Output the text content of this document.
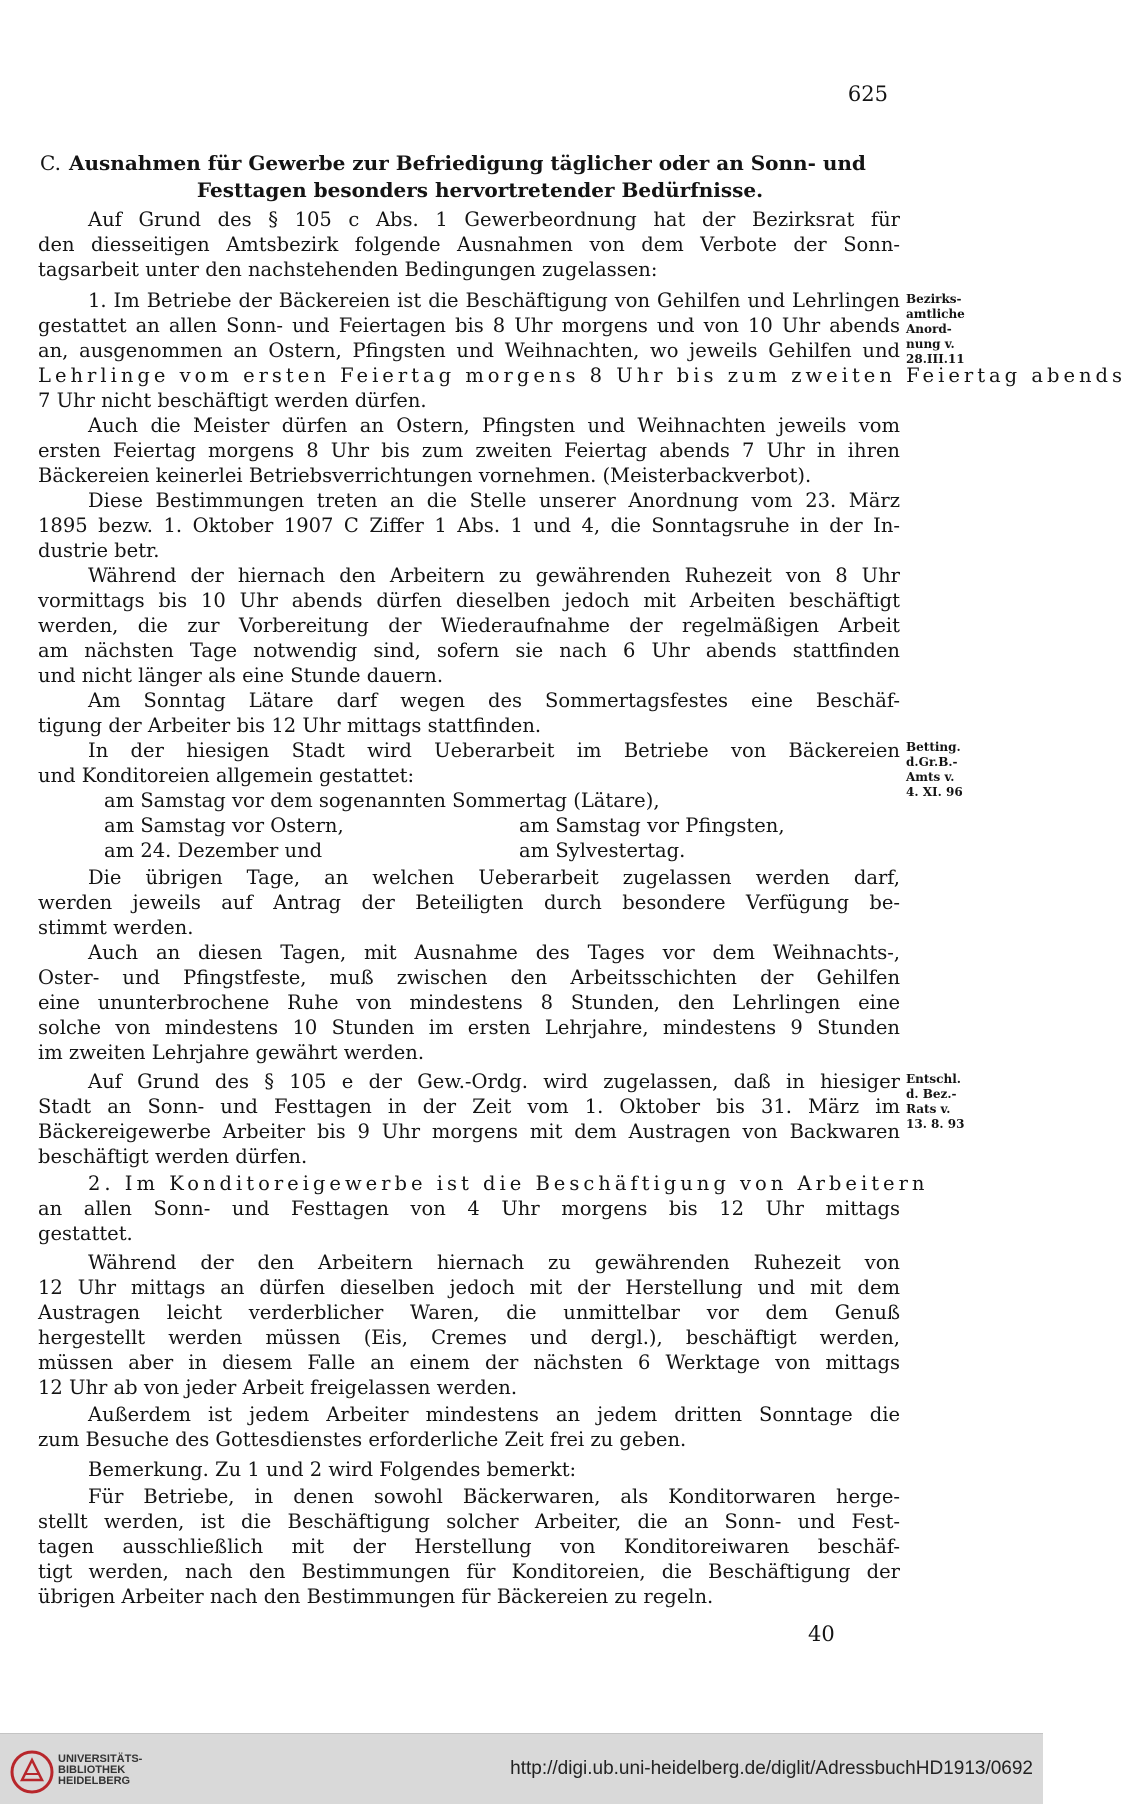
625
C. Ausnahmen für Gewerbe zur Befriedigung täglicher oder an Sonn- und
Festtagen besonders hervortretender Bedürfnisse.
Auf Grund des § 105 c Abs. 1 Gewerbeordnung hat der Bezirksrat für
den diesseitigen Amtsbezirk folgende Ausnahmen von dem Verbote der Sonn-
tagsarbeit unter den nachstehenden Bedingungen zugelassen:
1. Im Betriebe der Bäckereien ist die Beschäftigung von Gehilfen und Lehrlingen
gestattet an allen Sonn- und Feiertagen bis 8 Uhr morgens und von 10 Uhr abends
an, ausgenommen an Ostern, Pfingsten und Weihnachten, wo jeweils Gehilfen und
Lehrlinge vom ersten Feiertag morgens 8 Uhr bis zum zweiten Feiertag abends
7 Uhr nicht beschäftigt werden dürfen.
Auch die Meister dürfen an Ostern, Pfingsten und Weihnachten jeweils vom
ersten Feiertag morgens 8 Uhr bis zum zweiten Feiertag abends 7 Uhr in ihren
Bäckereien keinerlei Betriebsverrichtungen vornehmen. (Meisterbackverbot).
Diese Bestimmungen treten an die Stelle unserer Anordnung vom 23. März
1895 bezw. 1. Oktober 1907 C Ziffer 1 Abs. 1 und 4, die Sonntagsruhe in der In-
dustrie betr.
Während der hiernach den Arbeitern zu gewährenden Ruhezeit von 8 Uhr
vormittags bis 10 Uhr abends dürfen dieselben jedoch mit Arbeiten beschäftigt
werden, die zur Vorbereitung der Wiederaufnahme der regelmäßigen Arbeit
am nächsten Tage notwendig sind, sofern sie nach 6 Uhr abends stattfinden
und nicht länger als eine Stunde dauern.
Am Sonntag Lätare darf wegen des Sommertagsfestes eine Beschäf-
tigung der Arbeiter bis 12 Uhr mittags stattfinden.
In der hiesigen Stadt wird Ueberarbeit im Betriebe von Bäckereien
und Konditoreien allgemein gestattet:
am Samstag vor dem sogenannten Sommertag (Lätare),
am Samstag vor Ostern,	am Samstag vor Pfingsten,
am 24. Dezember und	am Sylvestertag.
Die übrigen Tage, an welchen Ueberarbeit zugelassen werden darf,
werden jeweils auf Antrag der Beteiligten durch besondere Verfügung be-
stimmt werden.
Auch an diesen Tagen, mit Ausnahme des Tages vor dem Weihnachts-,
Oster- und Pfingstfeste, muß zwischen den Arbeitsschichten der Gehilfen
eine ununterbrochene Ruhe von mindestens 8 Stunden, den Lehrlingen eine
solche von mindestens 10 Stunden im ersten Lehrjahre, mindestens 9 Stunden
im zweiten Lehrjahre gewährt werden.
Auf Grund des § 105 e der Gew.-Ordg. wird zugelassen, daß in hiesiger
Stadt an Sonn- und Festtagen in der Zeit vom 1. Oktober bis 31. März im
Bäckereigewerbe Arbeiter bis 9 Uhr morgens mit dem Austragen von Backwaren
beschäftigt werden dürfen.
2. Im Konditoreigewerbe ist die Beschäftigung von Arbeitern
an allen Sonn- und Festtagen von 4 Uhr morgens bis 12 Uhr mittags
gestattet.
Während der den Arbeitern hiernach zu gewährenden Ruhezeit von
12 Uhr mittags an dürfen dieselben jedoch mit der Herstellung und mit dem
Austragen leicht verderblicher Waren, die unmittelbar vor dem Genuß
hergestellt werden müssen (Eis, Cremes und dergl.), beschäftigt werden,
müssen aber in diesem Falle an einem der nächsten 6 Werktage von mittags
12 Uhr ab von jeder Arbeit freigelassen werden.
Außerdem ist jedem Arbeiter mindestens an jedem dritten Sonntage die
zum Besuche des Gottesdienstes erforderliche Zeit frei zu geben.
Bemerkung. Zu 1 und 2 wird Folgendes bemerkt:
Für Betriebe, in denen sowohl Bäckerwaren, als Konditorwaren herge-
stellt werden, ist die Beschäftigung solcher Arbeiter, die an Sonn- und Fest-
tagen ausschließlich mit der Herstellung von Konditoreiwaren beschäf-
tigt werden, nach den Bestimmungen für Konditoreien, die Beschäftigung der
übrigen Arbeiter nach den Bestimmungen für Bäckereien zu regeln.
Bezirks-
amtliche
Anord-
nung v.
28.III.11
Betting.
d.Gr.B.-
Amts v.
4. XI. 96
Entschl.
d. Bez.-
Rats v.
13. 8. 93
40
UNIVERSITÄTS-
BIBLIOTHEK
HEIDELBERG
http://digi.ub.uni-heidelberg.de/diglit/AdressbuchHD1913/0692
